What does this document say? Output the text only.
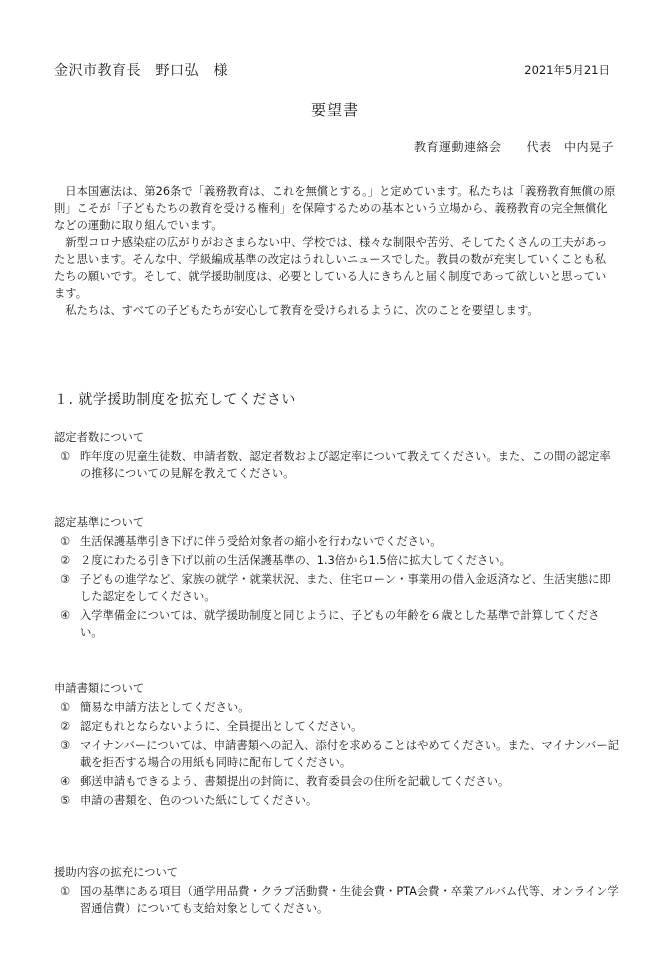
金沢市教育長　野口弘　様	2021年5月21日
要望書
教育運動連絡会　　代表　中内晃子

日本国憲法は、第26条で「義務教育は、これを無償とする。」と定めています。私たちは「義務教育無償の原則」こそが「子どもたちの教育を受ける権利」を保障するための基本という立場から、義務教育の完全無償化などの運動に取り組んでいます。

新型コロナ感染症の広がりがおさまらない中、学校では、様々な制限や苦労、そしてたくさんの工夫があったと思います。そんな中、学級編成基準の改定はうれしいニュースでした。教員の数が充実していくことも私たちの願いです。そして、就学援助制度は、必要としている人にきちんと届く制度であって欲しいと思っています。

私たちは、すべての子どもたちが安心して教育を受けられるように、次のことを要望します。

１. 就学援助制度を拡充してください

認定者数について

① 昨年度の児童生徒数、申請者数、認定者数および認定率について教えてください。また、この間の認定率の推移についての見解を教えてください。

認定基準について

① 生活保護基準引き下げに伴う受給対象者の縮小を行わないでください。
② ２度にわたる引き下げ以前の生活保護基準の、1.3倍から1.5倍に拡大してください。
③ 子どもの進学など、家族の就学・就業状況、また、住宅ローン・事業用の借入金返済など、生活実態に即した認定をしてください。
④ 入学準備金については、就学援助制度と同じように、子どもの年齢を６歳とした基準で計算してください。

申請書類について

① 簡易な申請方法としてください。
② 認定もれとならないように、全員提出としてください。
③ マイナンバーについては、申請書類への記入、添付を求めることはやめてください。また、マイナンバー記載を拒否する場合の用紙も同時に配布してください。
④ 郵送申請もできるよう、書類提出の封筒に、教育委員会の住所を記載してください。
⑤ 申請の書類を、色のついた紙にしてください。

援助内容の拡充について

① 国の基準にある項目（通学用品費・クラブ活動費・生徒会費・PTA会費・卒業アルバム代等、オンライン学習通信費）についても支給対象としてください。
